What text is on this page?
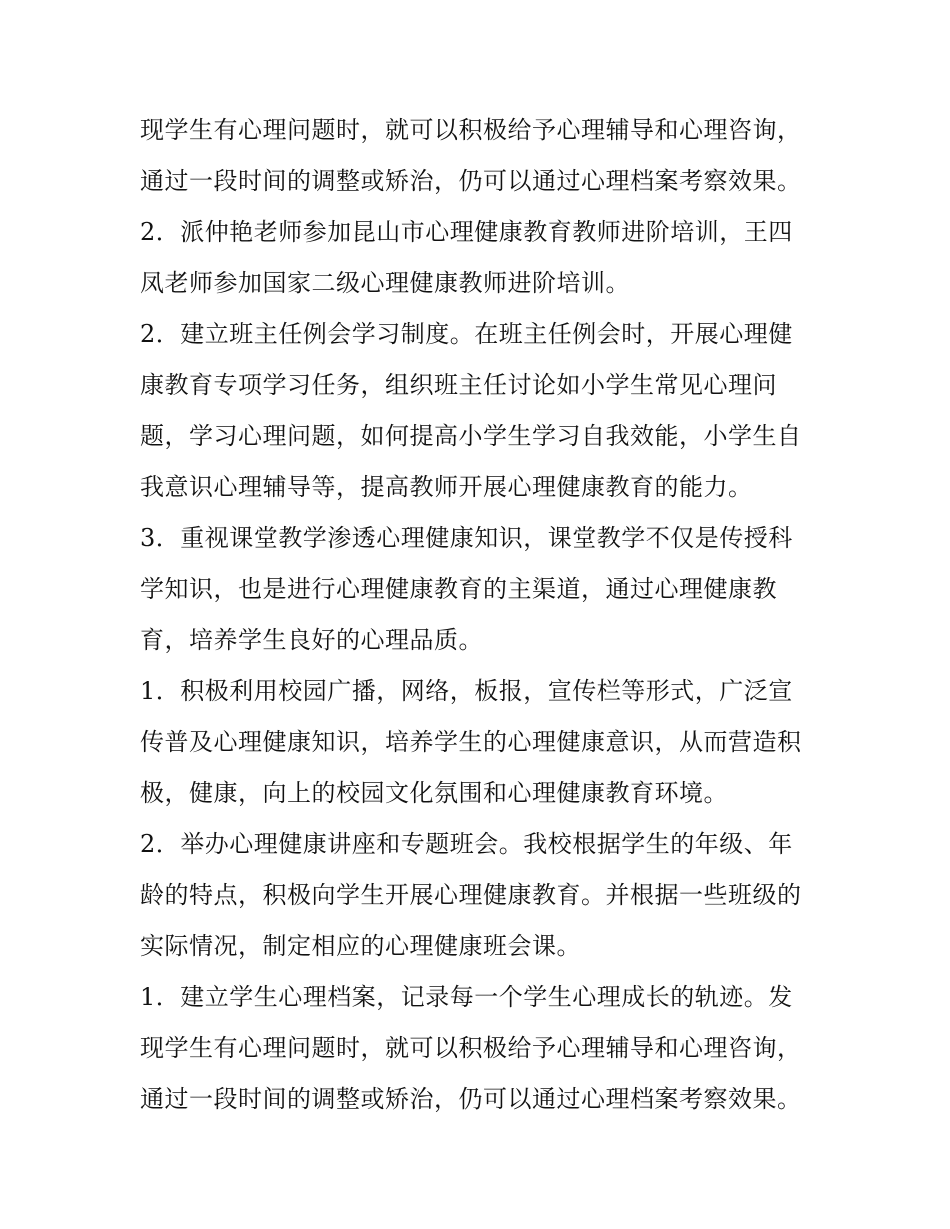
现学生有心理问题时，就可以积极给予心理辅导和心理咨询，
通过一段时间的调整或矫治，仍可以通过心理档案考察效果。
2．派仲艳老师参加昆山市心理健康教育教师进阶培训，王四
凤老师参加国家二级心理健康教师进阶培训。
2．建立班主任例会学习制度。在班主任例会时，开展心理健
康教育专项学习任务，组织班主任讨论如小学生常见心理问
题，学习心理问题，如何提高小学生学习自我效能，小学生自
我意识心理辅导等，提高教师开展心理健康教育的能力。
3．重视课堂教学渗透心理健康知识，课堂教学不仅是传授科
学知识，也是进行心理健康教育的主渠道，通过心理健康教
育，培养学生良好的心理品质。
1．积极利用校园广播，网络，板报，宣传栏等形式，广泛宣
传普及心理健康知识，培养学生的心理健康意识，从而营造积
极，健康，向上的校园文化氛围和心理健康教育环境。
2．举办心理健康讲座和专题班会。我校根据学生的年级、年
龄的特点，积极向学生开展心理健康教育。并根据一些班级的
实际情况，制定相应的心理健康班会课。
1．建立学生心理档案，记录每一个学生心理成长的轨迹。发
现学生有心理问题时，就可以积极给予心理辅导和心理咨询，
通过一段时间的调整或矫治，仍可以通过心理档案考察效果。
